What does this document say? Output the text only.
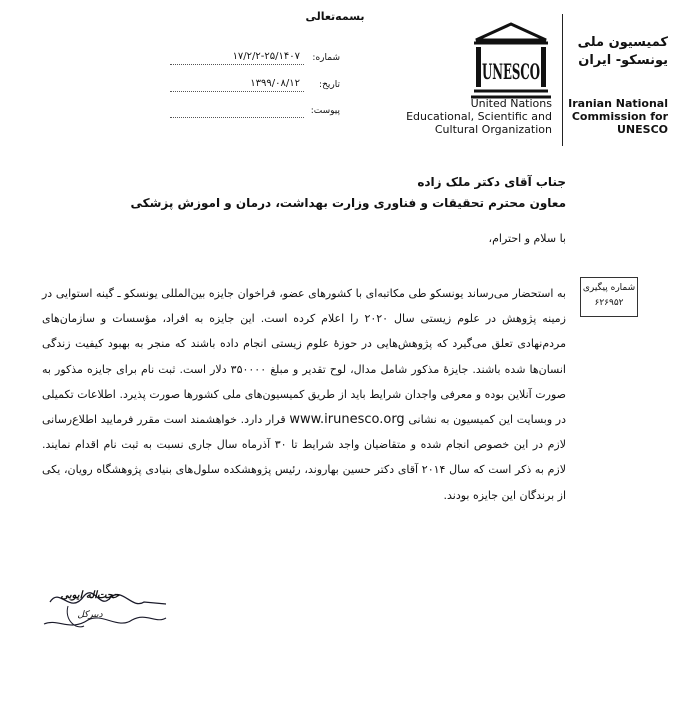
بسمه‌تعالی
شماره:
۱۷/۲/۲-۲۵/۱۴۰۷
تاریخ:
۱۳۹۹/۰۸/۱۲
پیوست:
UNESCO
United Nations
Educational, Scientific and
Cultural Organization
کمیسیون ملی
یونسکو- ایران
Iranian National
Commission for
UNESCO
جناب آقای دکتر ملک زاده
معاون محترم تحقیقات و فناوری وزارت بهداشت، درمان و اموزش پزشکی
با سلام و احترام،
شماره پیگیری
۶۲۶۹۵۲
به استحضار می‌رساند یونسکو طی مکاتبه‌ای با کشورهای عضو، فراخوان جایزه بین‌المللی یونسکو ـ گینه استوایی در زمینه پژوهش در علوم زیستی سال ۲۰۲۰ را اعلام کرده است. این جایزه به افراد، مؤسسات و سازمان‌های مردم‌نهادی تعلق می‌گیرد که پژوهش‌هایی در حوزهٔ علوم زیستی انجام داده باشند که منجر به بهبود کیفیت زندگی انسان‌ها شده باشند. جایزهٔ مذکور شامل مدال، لوح تقدیر و مبلغ ۳۵۰۰۰۰ دلار است. ثبت نام برای جایزه مذکور به صورت آنلاین بوده و معرفی واجدان شرایط باید از طریق کمیسیون‌های ملی کشورها صورت پذیرد. اطلاعات تکمیلی در وبسایت این کمیسیون به نشانی www.irunesco.org قرار دارد. خواهشمند است مقرر فرمایید اطلاع‌رسانی لازم در این خصوص انجام شده و متقاضیان واجد شرایط تا ۳۰ آذرماه سال جاری نسبت به ثبت نام اقدام نمایند. لازم به ذکر است که سال ۲۰۱۴ آقای دکتر حسین بهاروند، رئیس پژوهشکده سلول‌های بنیادی پژوهشگاه رویان، یکی از برندگان این جایزه بودند.
حجت‌اله ایوبی
دبیرکل
